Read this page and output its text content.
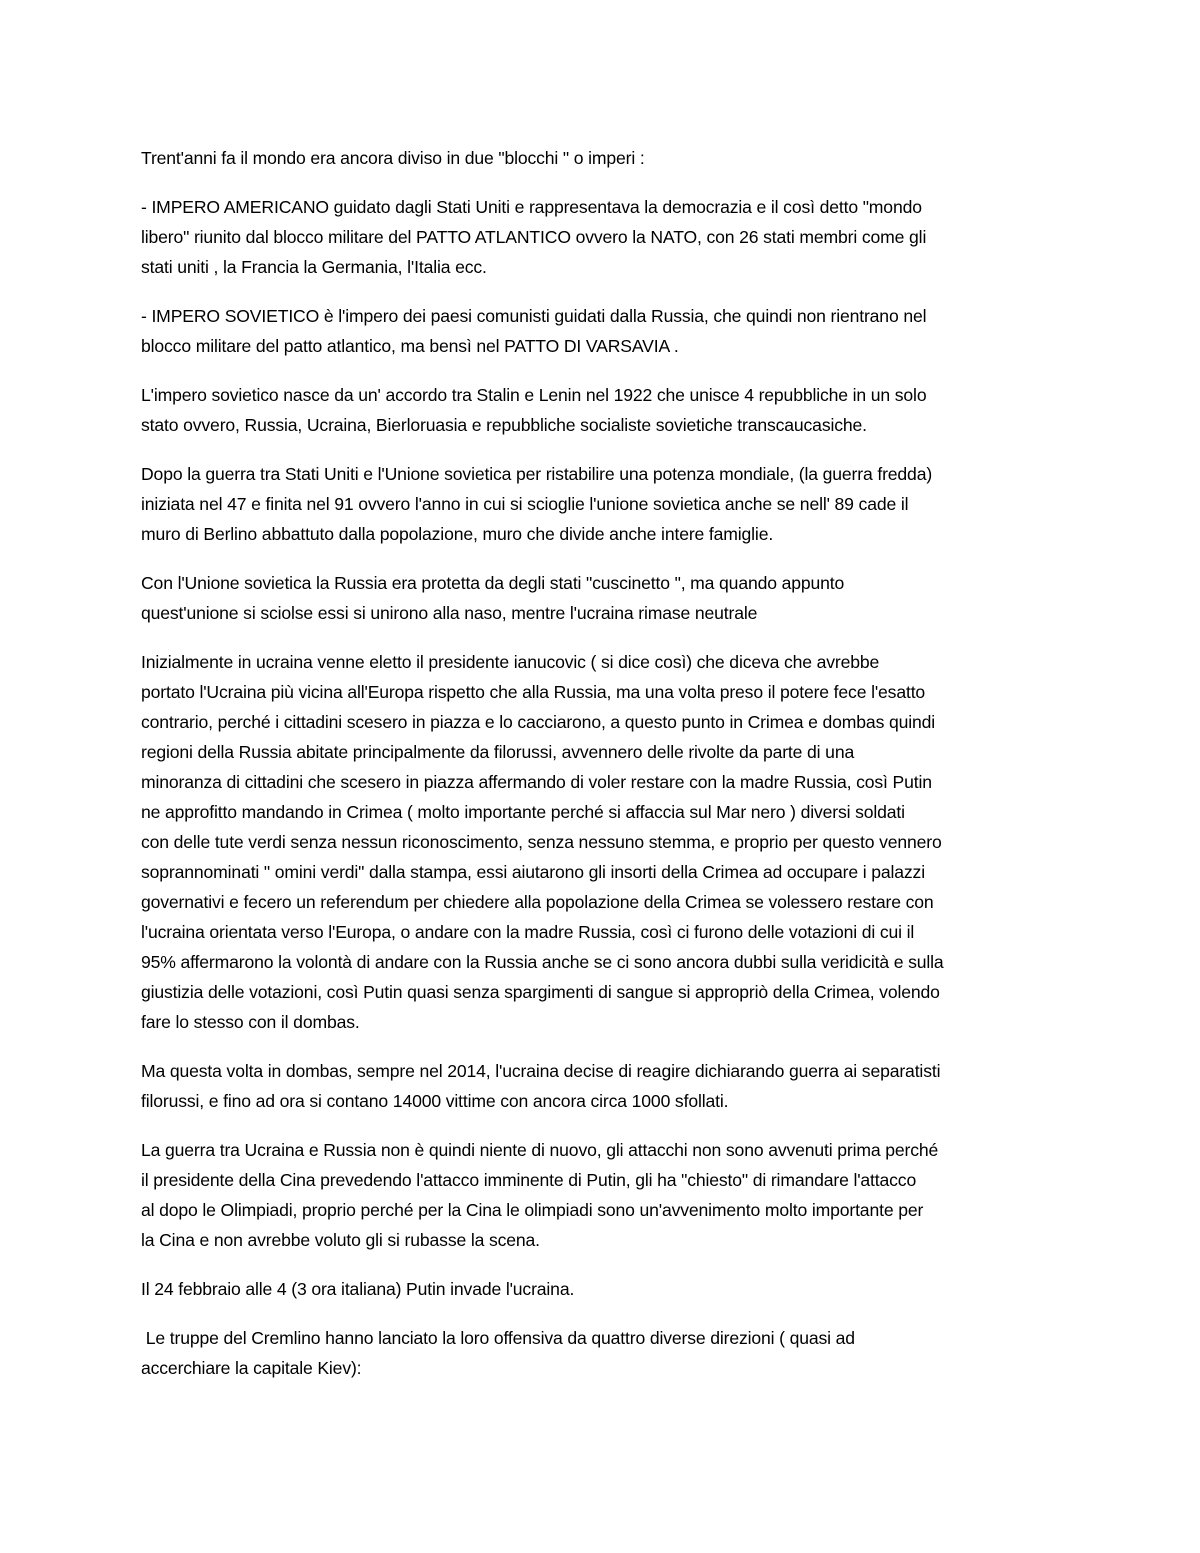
Trent'anni fa il mondo era ancora diviso in due "blocchi " o imperi :

- IMPERO AMERICANO guidato dagli Stati Uniti e rappresentava la democrazia e il così detto "mondo
libero" riunito dal blocco militare del PATTO ATLANTICO ovvero la NATO, con 26 stati membri come gli
stati uniti , la Francia la Germania, l'Italia ecc.

- IMPERO SOVIETICO è l'impero dei paesi comunisti guidati dalla Russia, che quindi non rientrano nel
blocco militare del patto atlantico, ma bensì nel PATTO DI VARSAVIA .

L'impero sovietico nasce da un' accordo tra Stalin e Lenin nel 1922 che unisce 4 repubbliche in un solo
stato ovvero, Russia, Ucraina, Bierloruasia e repubbliche socialiste sovietiche transcaucasiche.

Dopo la guerra tra Stati Uniti e l'Unione sovietica per ristabilire una potenza mondiale, (la guerra fredda)
iniziata nel 47 e finita nel 91 ovvero l'anno in cui si scioglie l'unione sovietica anche se nell' 89 cade il
muro di Berlino abbattuto dalla popolazione, muro che divide anche intere famiglie.

Con l'Unione sovietica la Russia era protetta da degli stati "cuscinetto ", ma quando appunto
quest'unione si sciolse essi si unirono alla naso, mentre l'ucraina rimase neutrale

Inizialmente in ucraina venne eletto il presidente ianucovic ( si dice così) che diceva che avrebbe
portato l'Ucraina più vicina all'Europa rispetto che alla Russia, ma una volta preso il potere fece l'esatto
contrario, perché i cittadini scesero in piazza e lo cacciarono, a questo punto in Crimea e dombas quindi
regioni della Russia abitate principalmente da filorussi, avvennero delle rivolte da parte di una
minoranza di cittadini che scesero in piazza affermando di voler restare con la madre Russia, così Putin
ne approfitto mandando in Crimea ( molto importante perché si affaccia sul Mar nero ) diversi soldati
con delle tute verdi senza nessun riconoscimento, senza nessuno stemma, e proprio per questo vennero
soprannominati " omini verdi" dalla stampa, essi aiutarono gli insorti della Crimea ad occupare i palazzi
governativi e fecero un referendum per chiedere alla popolazione della Crimea se volessero restare con
l'ucraina orientata verso l'Europa, o andare con la madre Russia, così ci furono delle votazioni di cui il
95% affermarono la volontà di andare con la Russia anche se ci sono ancora dubbi sulla veridicità e sulla
giustizia delle votazioni, così Putin quasi senza spargimenti di sangue si appropriò della Crimea, volendo
fare lo stesso con il dombas.

Ma questa volta in dombas, sempre nel 2014, l'ucraina decise di reagire dichiarando guerra ai separatisti
filorussi, e fino ad ora si contano 14000 vittime con ancora circa 1000 sfollati.

La guerra tra Ucraina e Russia non è quindi niente di nuovo, gli attacchi non sono avvenuti prima perché
il presidente della Cina prevedendo l'attacco imminente di Putin, gli ha "chiesto" di rimandare l'attacco
al dopo le Olimpiadi, proprio perché per la Cina le olimpiadi sono un'avvenimento molto importante per
la Cina e non avrebbe voluto gli si rubasse la scena.

Il 24 febbraio alle 4 (3 ora italiana) Putin invade l'ucraina.

Le truppe del Cremlino hanno lanciato la loro offensiva da quattro diverse direzioni ( quasi ad
accerchiare la capitale Kiev):
